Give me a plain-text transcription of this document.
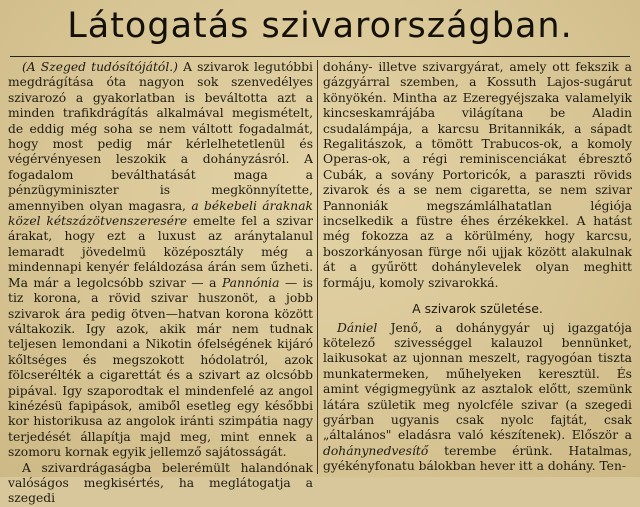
Látogatás szivarországban.

(A Szeged tudósítójától.) A szivarok legutóbbi megdrágítása óta nagyon sok szenvedélyes szivarozó a gyakorlatban is beváltotta azt a minden trafikdrágítás alkalmával megismételt, de eddig még soha se nem váltott fogadalmát, hogy most pedig már kérlelhetetlenül és végérvényesen leszokik a dohányzásról. A fogadalom beválthatását maga a pénzügyminiszter is megkönnyítette, amennyiben olyan magasra, a békebeli áraknak közel kétszázötvenszeresére emelte fel a szivar árakat, hogy ezt a luxust az aránytalanul lemaradt jövedelmü középosztály még a mindennapi kenyér feláldozása árán sem űzheti. Ma már a legolcsóbb szivar — a Pannónia — is tiz korona, a rövid szivar huszonöt, a jobb szivarok ára pedig ötven—hatvan korona között váltakozik. Igy azok, akik már nem tudnak teljesen lemondani a Nikotin ófelségének kijáró kőltséges és megszokott hódolatról, azok fölcserélték a cigarettát és a szivart az olcsóbb pipával. Igy szaporodtak el mindenfelé az angol kinézésü fapipások, amiből esetleg egy későbbi kor historikusa az angolok iránti szimpátia nagy terjedését állapítja majd meg, mint ennek a szomoru kornak egyik jellemző sajátosságát.

A szivardrágaságba belerémült halandónak valóságos megkisértés, ha meglátogatja a szegedi

dohány- illetve szivargyárat, amely ott fekszik a gázgyárral szemben, a Kossuth Lajos-sugárut könyökén. Mintha az Ezeregyéjszaka valamelyik kincseskamrájába világítana be Aladin csudalámpája, a karcsu Britannikák, a sápadt Regalitászok, a tömött Trabucos-ok, a komoly Operas-ok, a régi reminiscenciákat ébresztő Cubák, a sovány Portoricók, a paraszti rövids zivarok és a se nem cigaretta, se nem szivar Pannoniák megszámlálhatatlan légiója incselkedik a füstre éhes érzékekkel. A hatást még fokozza az a körülmény, hogy karcsu, boszorkányosan fürge női ujjak között alakulnak át a gyűrött dohánylevelek olyan meghitt formáju, komoly szivarokká.

A szivarok születése.

Dániel Jenő, a dohánygyár uj igazgatója kötelező szivességgel kalauzol bennünket, laikusokat az ujonnan meszelt, ragyogóan tiszta munkatermeken, műhelyeken keresztül. És amint végigmegyünk az asztalok előtt, szemünk látára születik meg nyolcféle szivar (a szegedi gyárban ugyanis csak nyolc fajtát, csak „általános" eladásra való készítenek). Először a dohánynedvesítő terembe érünk. Hatalmas, gyékényfonatu bálokban hever itt a dohány. Ten-
